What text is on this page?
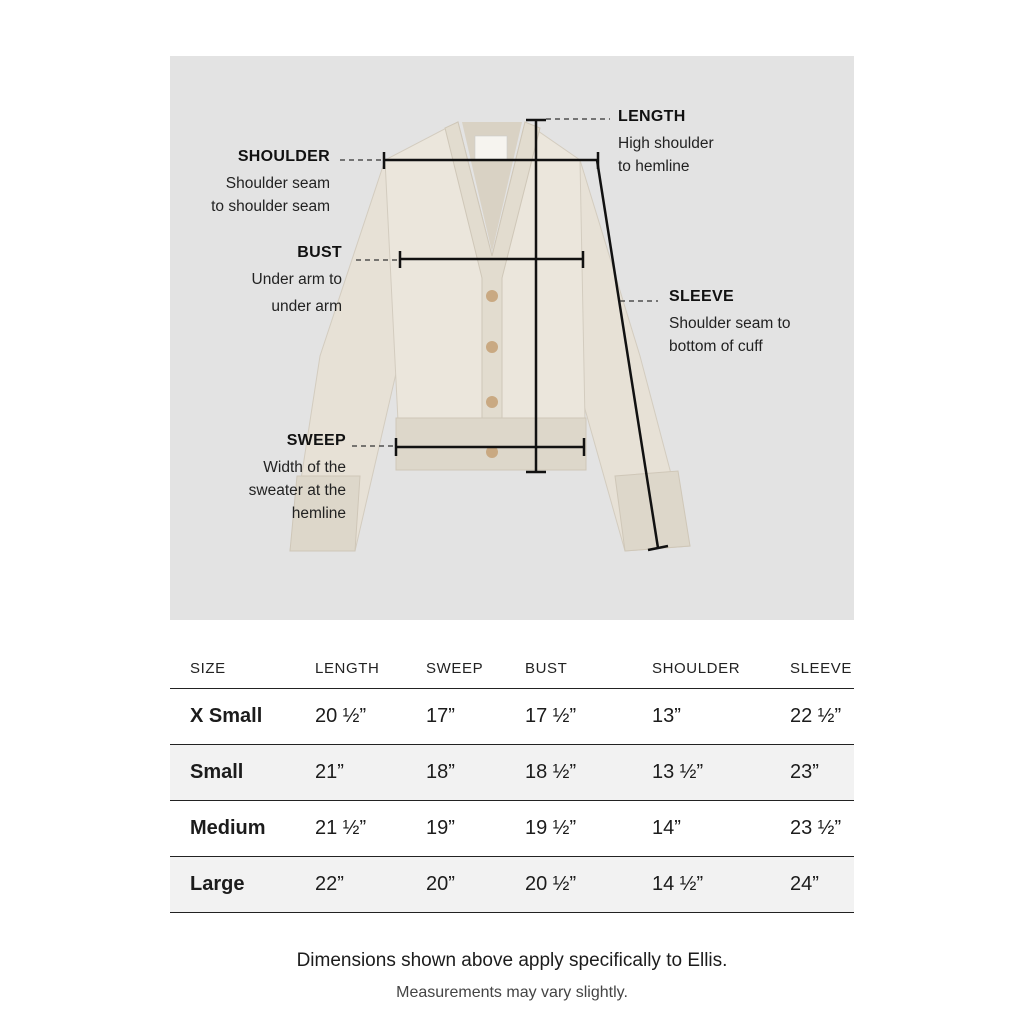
SHOULDER
Shoulder seam
to shoulder seam
BUST
Under arm to
under arm
SWEEP
Width of the
sweater at the
hemline
LENGTH
High shoulder
to hemline
SLEEVE
Shoulder seam to
bottom of cuff
	SIZE	LENGTH	SWEEP	BUST	SHOULDER	SLEEVE
	X Small	20 ½”	17”	17 ½”	13”	22 ½”
	Small	21”	18”	18 ½”	13 ½”	23”
	Medium	21 ½”	19”	19 ½”	14”	23 ½”
	Large	22”	20”	20 ½”	14 ½”	24”
Dimensions shown above apply specifically to Ellis.
Measurements may vary slightly.
